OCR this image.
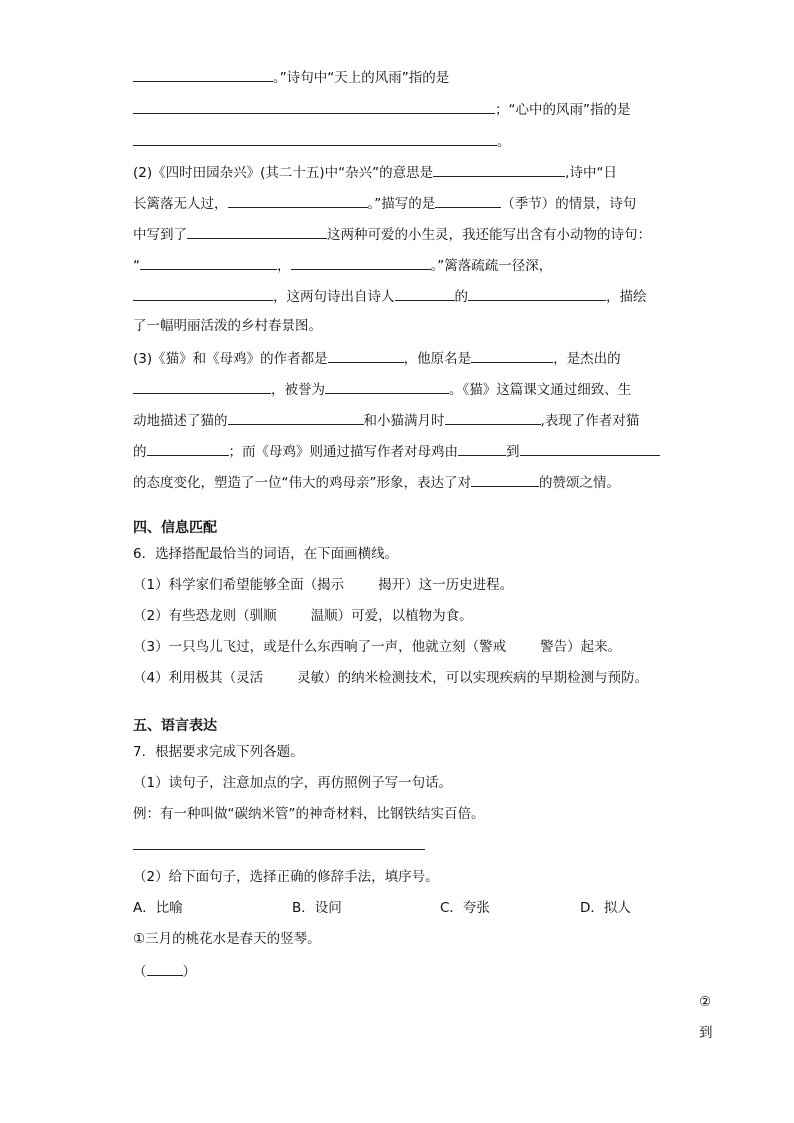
。”诗句中“天上的风雨”指的是
；“心中的风雨”指的是
。
(2)《四时田园杂兴》(其二十五)中“杂兴”的意思是	,诗中“日
长篱落无人过，	。”描写的是	（季节）的情景，诗句
中写到了	这两种可爱的小生灵，我还能写出含有小动物的诗句：
“	，	。”篱落疏疏一径深，
，这两句诗出自诗人	的	，描绘
了一幅明丽活泼的乡村春景图。
(3)《猫》和《母鸡》的作者都是	，他原名是	，是杰出的
，被誉为	。《猫》这篇课文通过细致、生
动地描述了猫的	和小猫满月时	,表现了作者对猫
的	；而《母鸡》则通过描写作者对母鸡由	到
的态度变化，塑造了一位“伟大的鸡母亲”形象，表达了对	的赞颂之情。
四、信息匹配
6．选择搭配最恰当的词语，在下面画横线。
（1）科学家们希望能够全面（揭示	揭开）这一历史进程。
（2）有些恐龙则（驯顺	温顺）可爱，以植物为食。
（3）一只鸟儿飞过，或是什么东西响了一声，他就立刻（警戒	警告）起来。
（4）利用极其（灵活	灵敏）的纳米检测技术，可以实现疾病的早期检测与预防。
五、语言表达
7．根据要求完成下列各题。
（1）读句子，注意加点的字，再仿照例子写一句话。
例：有一种叫做“碳纳米管”的神奇材料，比钢铁结实百倍。
（2）给下面句子，选择正确的修辞手法，填序号。
A．比喻	B．设问	C．夸张	D．拟人
①三月的桃花水是春天的竖琴。
（	）
②
到
